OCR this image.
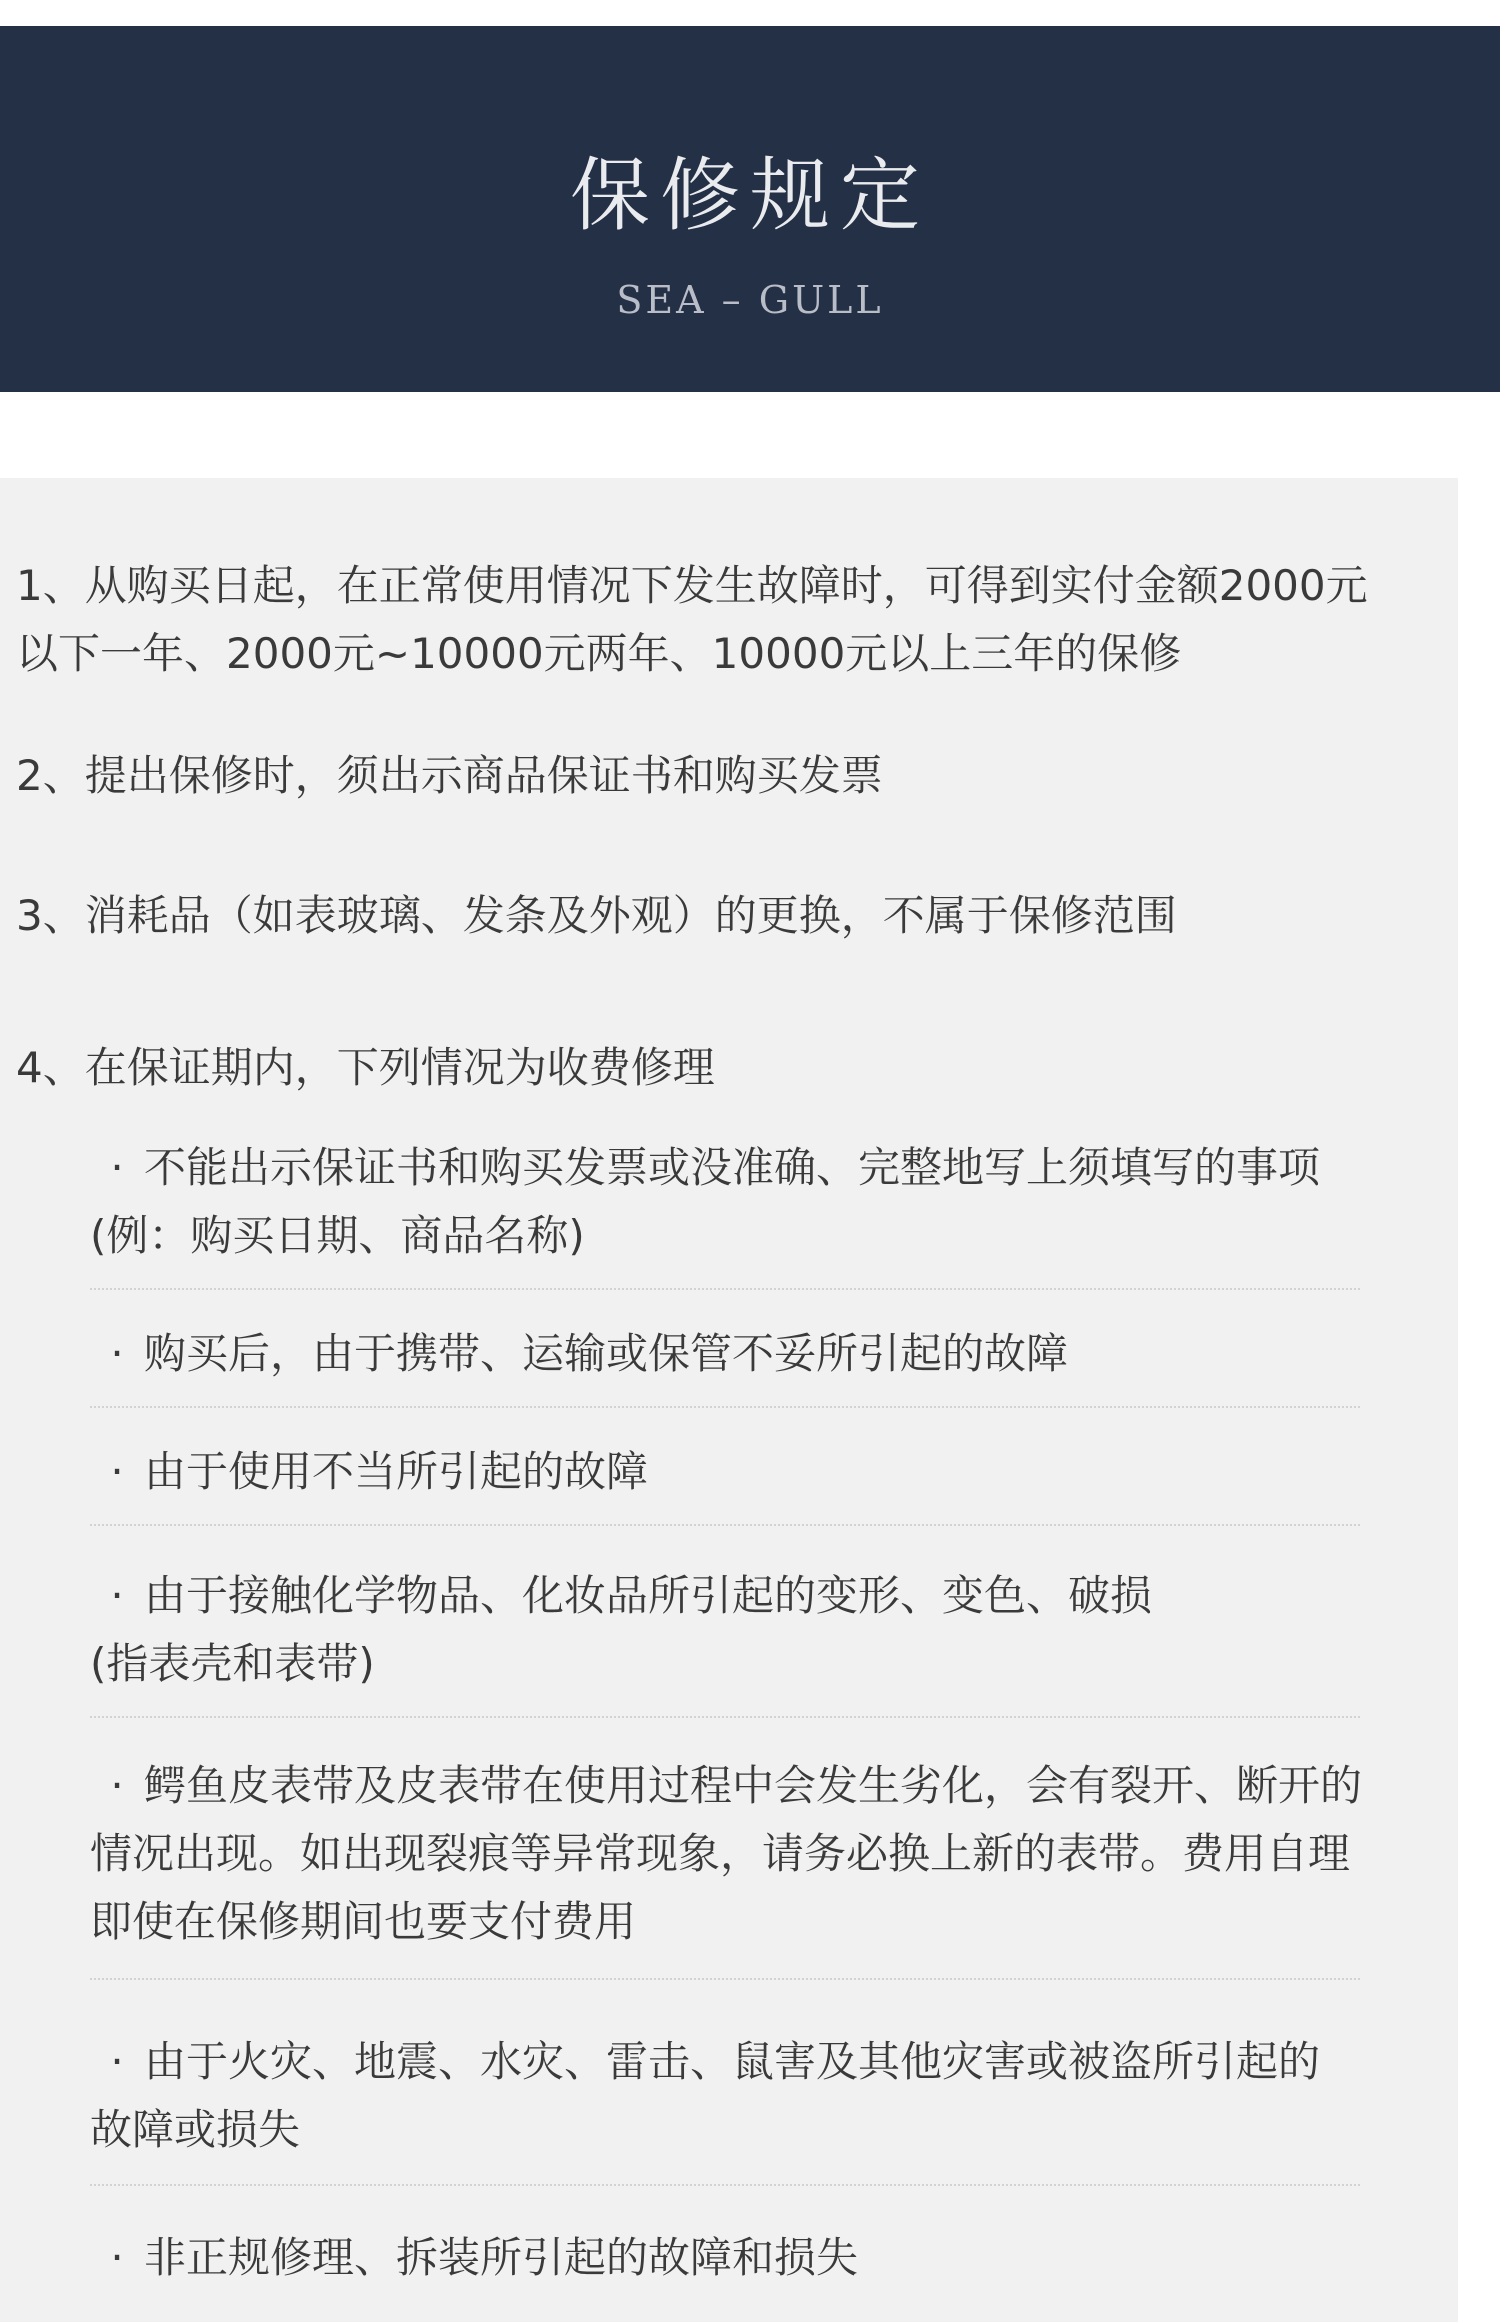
保修规定
SEA – GULL
1、从购买日起，在正常使用情况下发生故障时，可得到实付金额2000元
以下一年、2000元~10000元两年、10000元以上三年的保修
2、提出保修时，须出示商品保证书和购买发票
3、消耗品（如表玻璃、发条及外观）的更换，不属于保修范围
4、在保证期内，下列情况为收费修理
· 不能出示保证书和购买发票或没准确、完整地写上须填写的事项
(例：购买日期、商品名称)
· 购买后，由于携带、运输或保管不妥所引起的故障
· 由于使用不当所引起的故障
· 由于接触化学物品、化妆品所引起的变形、变色、破损
(指表壳和表带)
· 鳄鱼皮表带及皮表带在使用过程中会发生劣化，会有裂开、断开的
情况出现。如出现裂痕等异常现象，请务必换上新的表带。费用自理
即使在保修期间也要支付费用
· 由于火灾、地震、水灾、雷击、鼠害及其他灾害或被盗所引起的
故障或损失
· 非正规修理、拆装所引起的故障和损失
